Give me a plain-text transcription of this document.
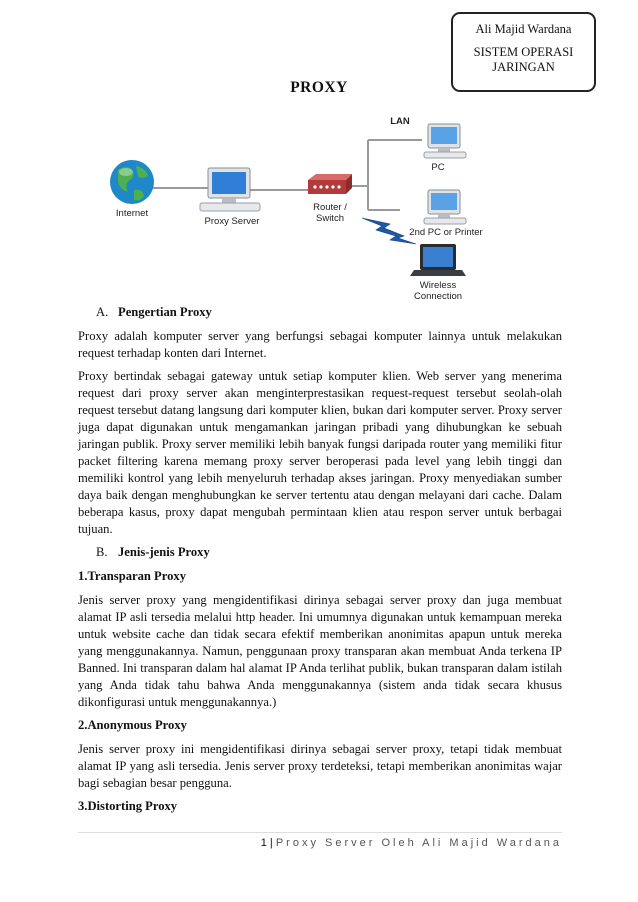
Ali Majid Wardana
SISTEM OPERASI JARINGAN
PROXY
Internet
Proxy Server
Router /
Switch
LAN
PC
2nd PC or Printer
Wireless
Connection

A. Pengertian Proxy

Proxy adalah komputer server yang berfungsi sebagai komputer lainnya untuk melakukan request terhadap konten dari Internet.

Proxy bertindak sebagai gateway untuk setiap komputer klien. Web server yang menerima request dari proxy server akan menginterprestasikan request-request tersebut seolah-olah request tersebut datang langsung dari komputer klien, bukan dari komputer server. Proxy server juga dapat digunakan untuk mengamankan jaringan pribadi yang dihubungkan ke sebuah jaringan publik. Proxy server memiliki lebih banyak fungsi daripada router yang memiliki fitur packet filtering karena memang proxy server beroperasi pada level yang lebih tinggi dan memiliki kontrol yang lebih menyeluruh terhadap akses jaringan. Proxy menyediakan sumber daya baik dengan menghubungkan ke server tertentu atau dengan melayani dari cache. Dalam beberapa kasus, proxy dapat mengubah permintaan klien atau respon server untuk berbagai tujuan.

B. Jenis-jenis Proxy

1.Transparan Proxy

Jenis server proxy yang mengidentifikasi dirinya sebagai server proxy dan juga membuat alamat IP asli tersedia melalui http header. Ini umumnya digunakan untuk kemampuan mereka untuk website cache dan tidak secara efektif memberikan anonimitas apapun untuk mereka yang menggunakannya. Namun, penggunaan proxy transparan akan membuat Anda terkena IP Banned. Ini transparan dalam hal alamat IP Anda terlihat publik, bukan transparan dalam istilah yang Anda tidak tahu bahwa Anda menggunakannya (sistem anda tidak secara khusus dikonfigurasi untuk menggunakannya.)

2.Anonymous Proxy

Jenis server proxy ini mengidentifikasi dirinya sebagai server proxy, tetapi tidak membuat alamat IP yang asli tersedia. Jenis server proxy terdeteksi, tetapi memberikan anonimitas wajar bagi sebagian besar pengguna.

3.Distorting Proxy

1 | Proxy Server Oleh Ali Majid Wardana
